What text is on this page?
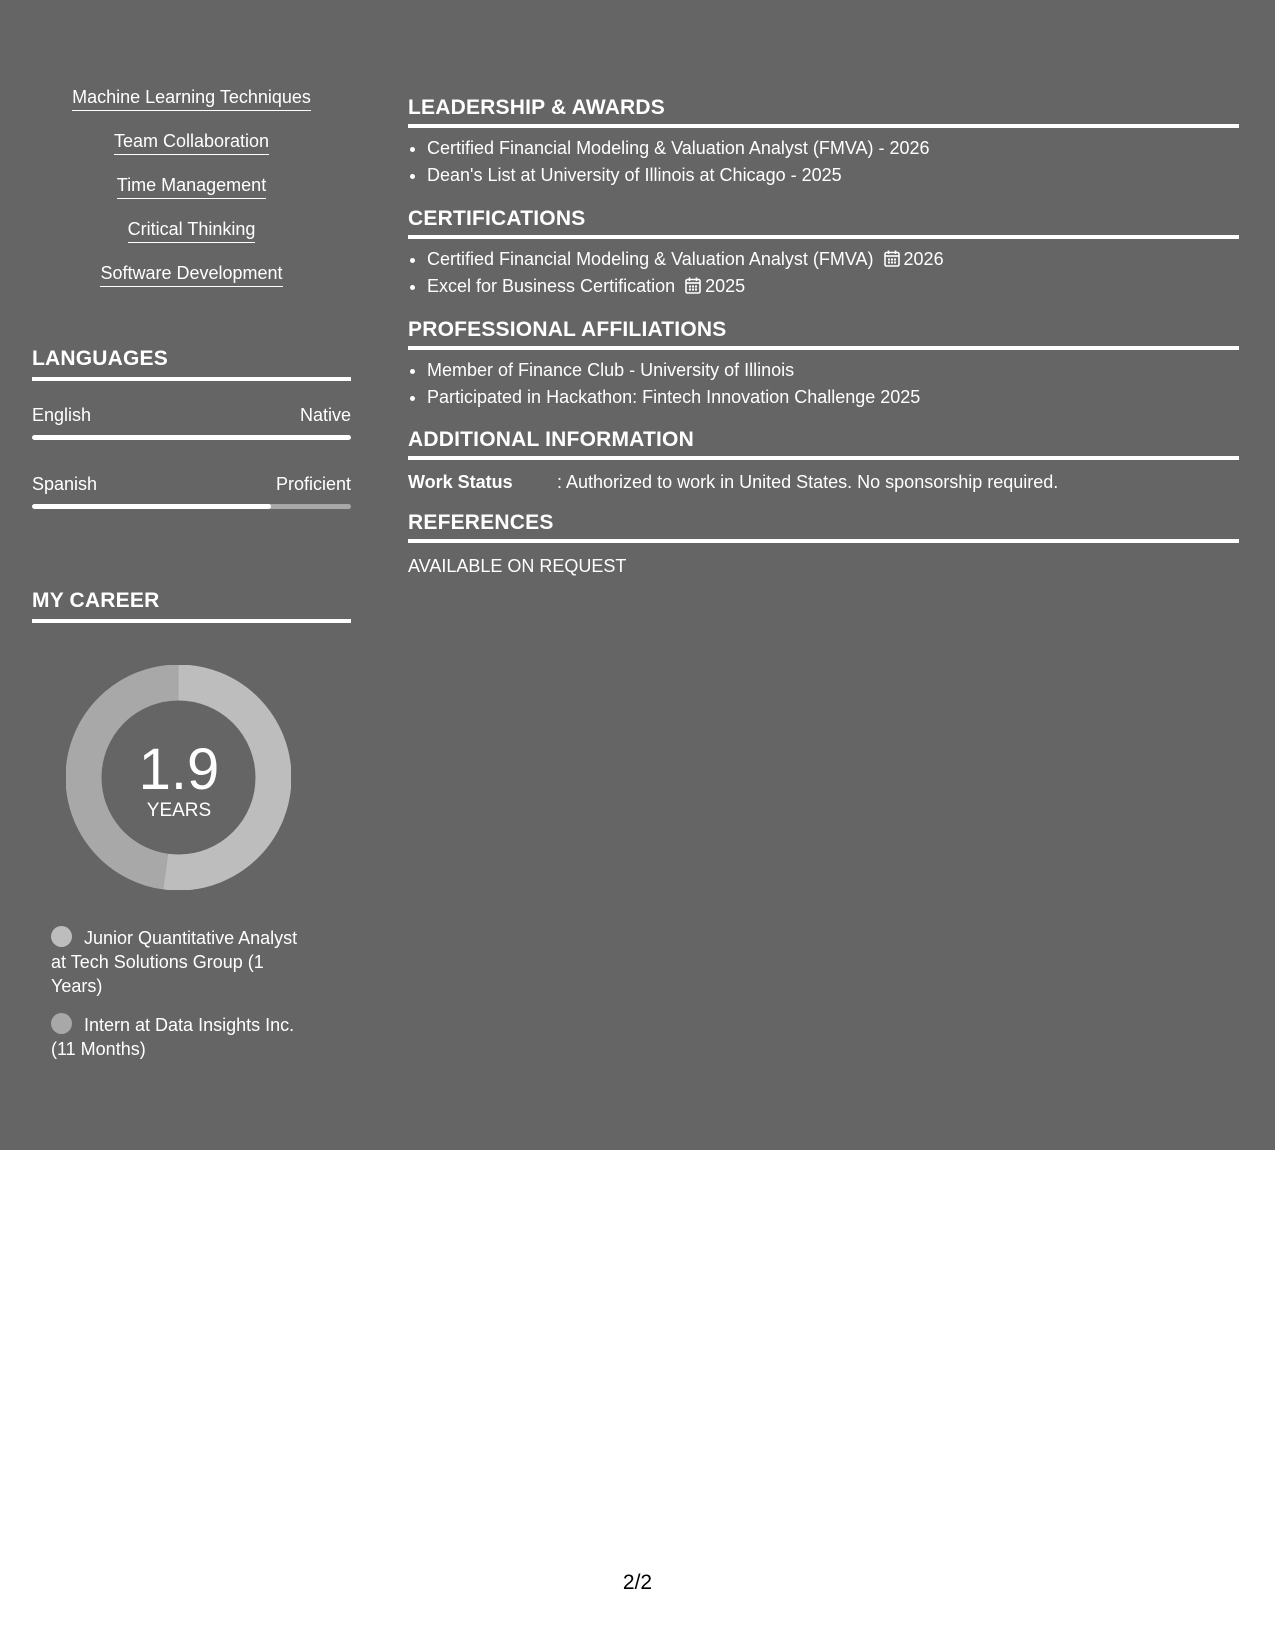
Machine Learning Techniques
Team Collaboration
Time Management
Critical Thinking
Software Development
LANGUAGES
English	Native
Spanish	Proficient
MY CAREER
1.9
YEARS
Junior Quantitative Analyst at Tech Solutions Group (1 Years)
Intern at Data Insights Inc. (11 Months)
LEADERSHIP & AWARDS
• Certified Financial Modeling & Valuation Analyst (FMVA) - 2026
• Dean's List at University of Illinois at Chicago - 2025
CERTIFICATIONS
• Certified Financial Modeling & Valuation Analyst (FMVA) 2026
• Excel for Business Certification 2025
PROFESSIONAL AFFILIATIONS
• Member of Finance Club - University of Illinois
• Participated in Hackathon: Fintech Innovation Challenge 2025
ADDITIONAL INFORMATION
Work Status : Authorized to work in United States. No sponsorship required.
REFERENCES
AVAILABLE ON REQUEST
2/2
